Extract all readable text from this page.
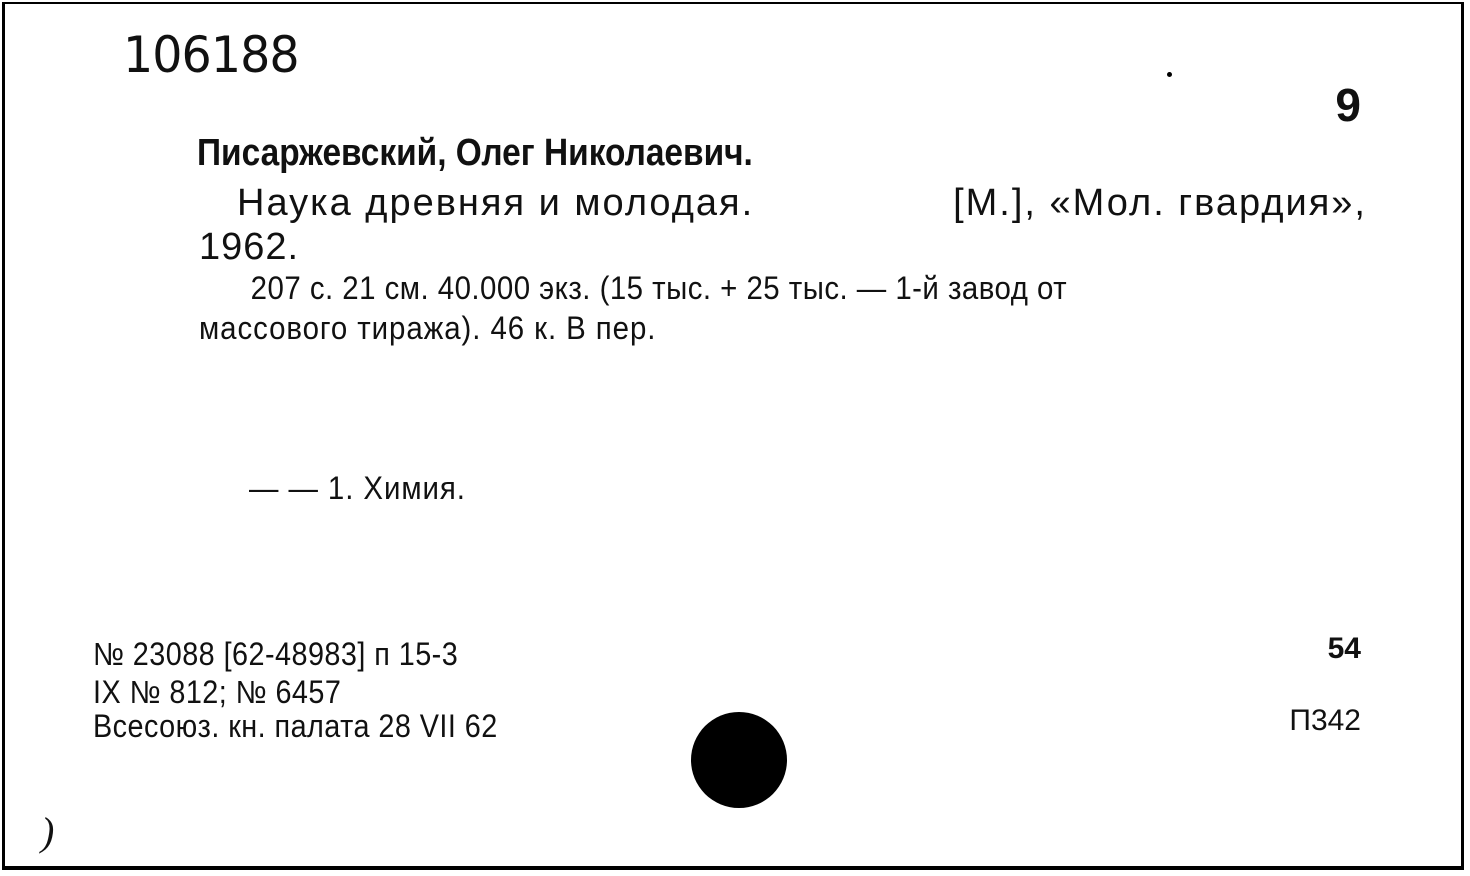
106188
9
Писаржевский, Олег Николаевич.
Наука древняя и молодая.	[М.], «Мол. гвардия»,
1962.
207 с. 21 см. 40.000 экз. (15 тыс. + 25 тыс. — 1-й завод от
массового тиража). 46 к. В пер.
— — 1. Химия.
№ 23088 [62-48983] п 15-3
IX № 812; № 6457
Всесоюз. кн. палата 28 VII 62
54
П342
)
